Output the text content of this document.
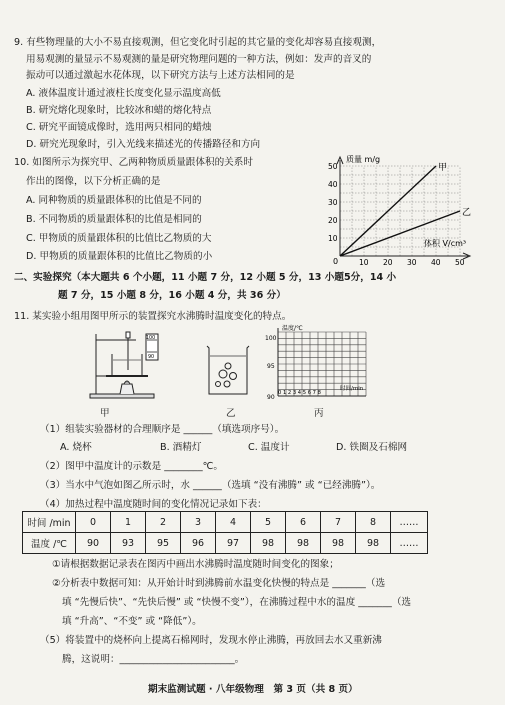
9. 有些物理量的大小不易直接观测，但它变化时引起的其它量的变化却容易直接观测，
用易观测的量显示不易观测的量是研究物理问题的一种方法，例如：发声的音叉的
振动可以通过激起水花体现，以下研究方法与上述方法相同的是
A. 液体温度计通过液柱长度变化显示温度高低
B. 研究熔化现象时，比较冰和蜡的熔化特点
C. 研究平面镜成像时，选用两只相同的蜡烛
D. 研究光现象时，引入光线来描述光的传播路径和方向
10. 如图所示为探究甲、乙两种物质质量跟体积的关系时
作出的图像，以下分析正确的是
A. 同种物质的质量跟体积的比值是不同的
B. 不同物质的质量跟体积的比值是相同的
C. 甲物质的质量跟体积的比值比乙物质的大
D. 甲物质的质量跟体积的比值比乙物质的小
10 20 30 40 50
10
20
30
40
50	甲
乙
质量 m/g
体积 V/cm³
0
二、实验探究（本大题共 6 个小题，11 小题 7 分，12 小题 5 分，13 小题5分，14 小
题 7 分，15 小题 8 分，16 小题 4 分，共 36 分）
11. 某实验小组用图甲所示的装置探究水沸腾时温度变化的特点。
100
90
温度/℃
时间/min
100
95
90
0 1 2 3 4 5 6 7 8
甲	乙	丙
（1）组装实验器材的合理顺序是 ______（填选项序号）。
A. 烧杯	B. 酒精灯	C. 温度计	D. 铁圈及石棉网
（2）图甲中温度计的示数是 ________℃。
（3）当水中气泡如图乙所示时，水 ______（选填 “没有沸腾” 或 “已经沸腾”）。
（4）加热过程中温度随时间的变化情况记录如下表：
时间 /min	0	1	2	3	4	5	6	7	8	……
温度 /℃	90	93	95	96	97	98	98	98	98	……
①请根据数据记录表在图丙中画出水沸腾时温度随时间变化的图象；
②分析表中数据可知：从开始计时到沸腾前水温变化快慢的特点是 _______（选
填 “先慢后快”、“先快后慢” 或 “快慢不变”），在沸腾过程中水的温度 _______（选
填 “升高”、“不变” 或 “降低”）。
（5）将装置中的烧杯向上提离石棉网时，发现水停止沸腾，再放回去水又重新沸
腾，这说明：________________________。
期末监测试题 · 八年级物理　第 3 页（共 8 页）
